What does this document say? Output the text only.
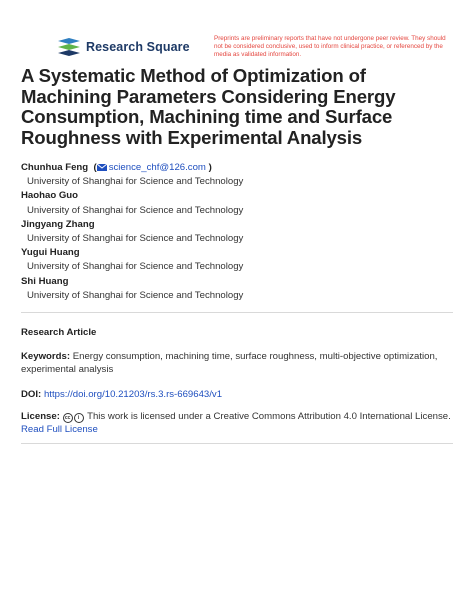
Research Square
Preprints are preliminary reports that have not undergone peer review. They should not be considered conclusive, used to inform clinical practice, or referenced by the media as validated information.
A Systematic Method of Optimization of Machining Parameters Considering Energy Consumption, Machining time and Surface Roughness with Experimental Analysis
Chunhua Feng  ( science_chf@126.com )
University of Shanghai for Science and Technology
Haohao Guo
University of Shanghai for Science and Technology
Jingyang Zhang
University of Shanghai for Science and Technology
Yugui Huang
University of Shanghai for Science and Technology
Shi Huang
University of Shanghai for Science and Technology
Research Article
Keywords: Energy consumption, machining time, surface roughness, multi-objective optimization, experimental analysis
DOI: https://doi.org/10.21203/rs.3.rs-669643/v1
License: cc i This work is licensed under a Creative Commons Attribution 4.0 International License.
Read Full License
